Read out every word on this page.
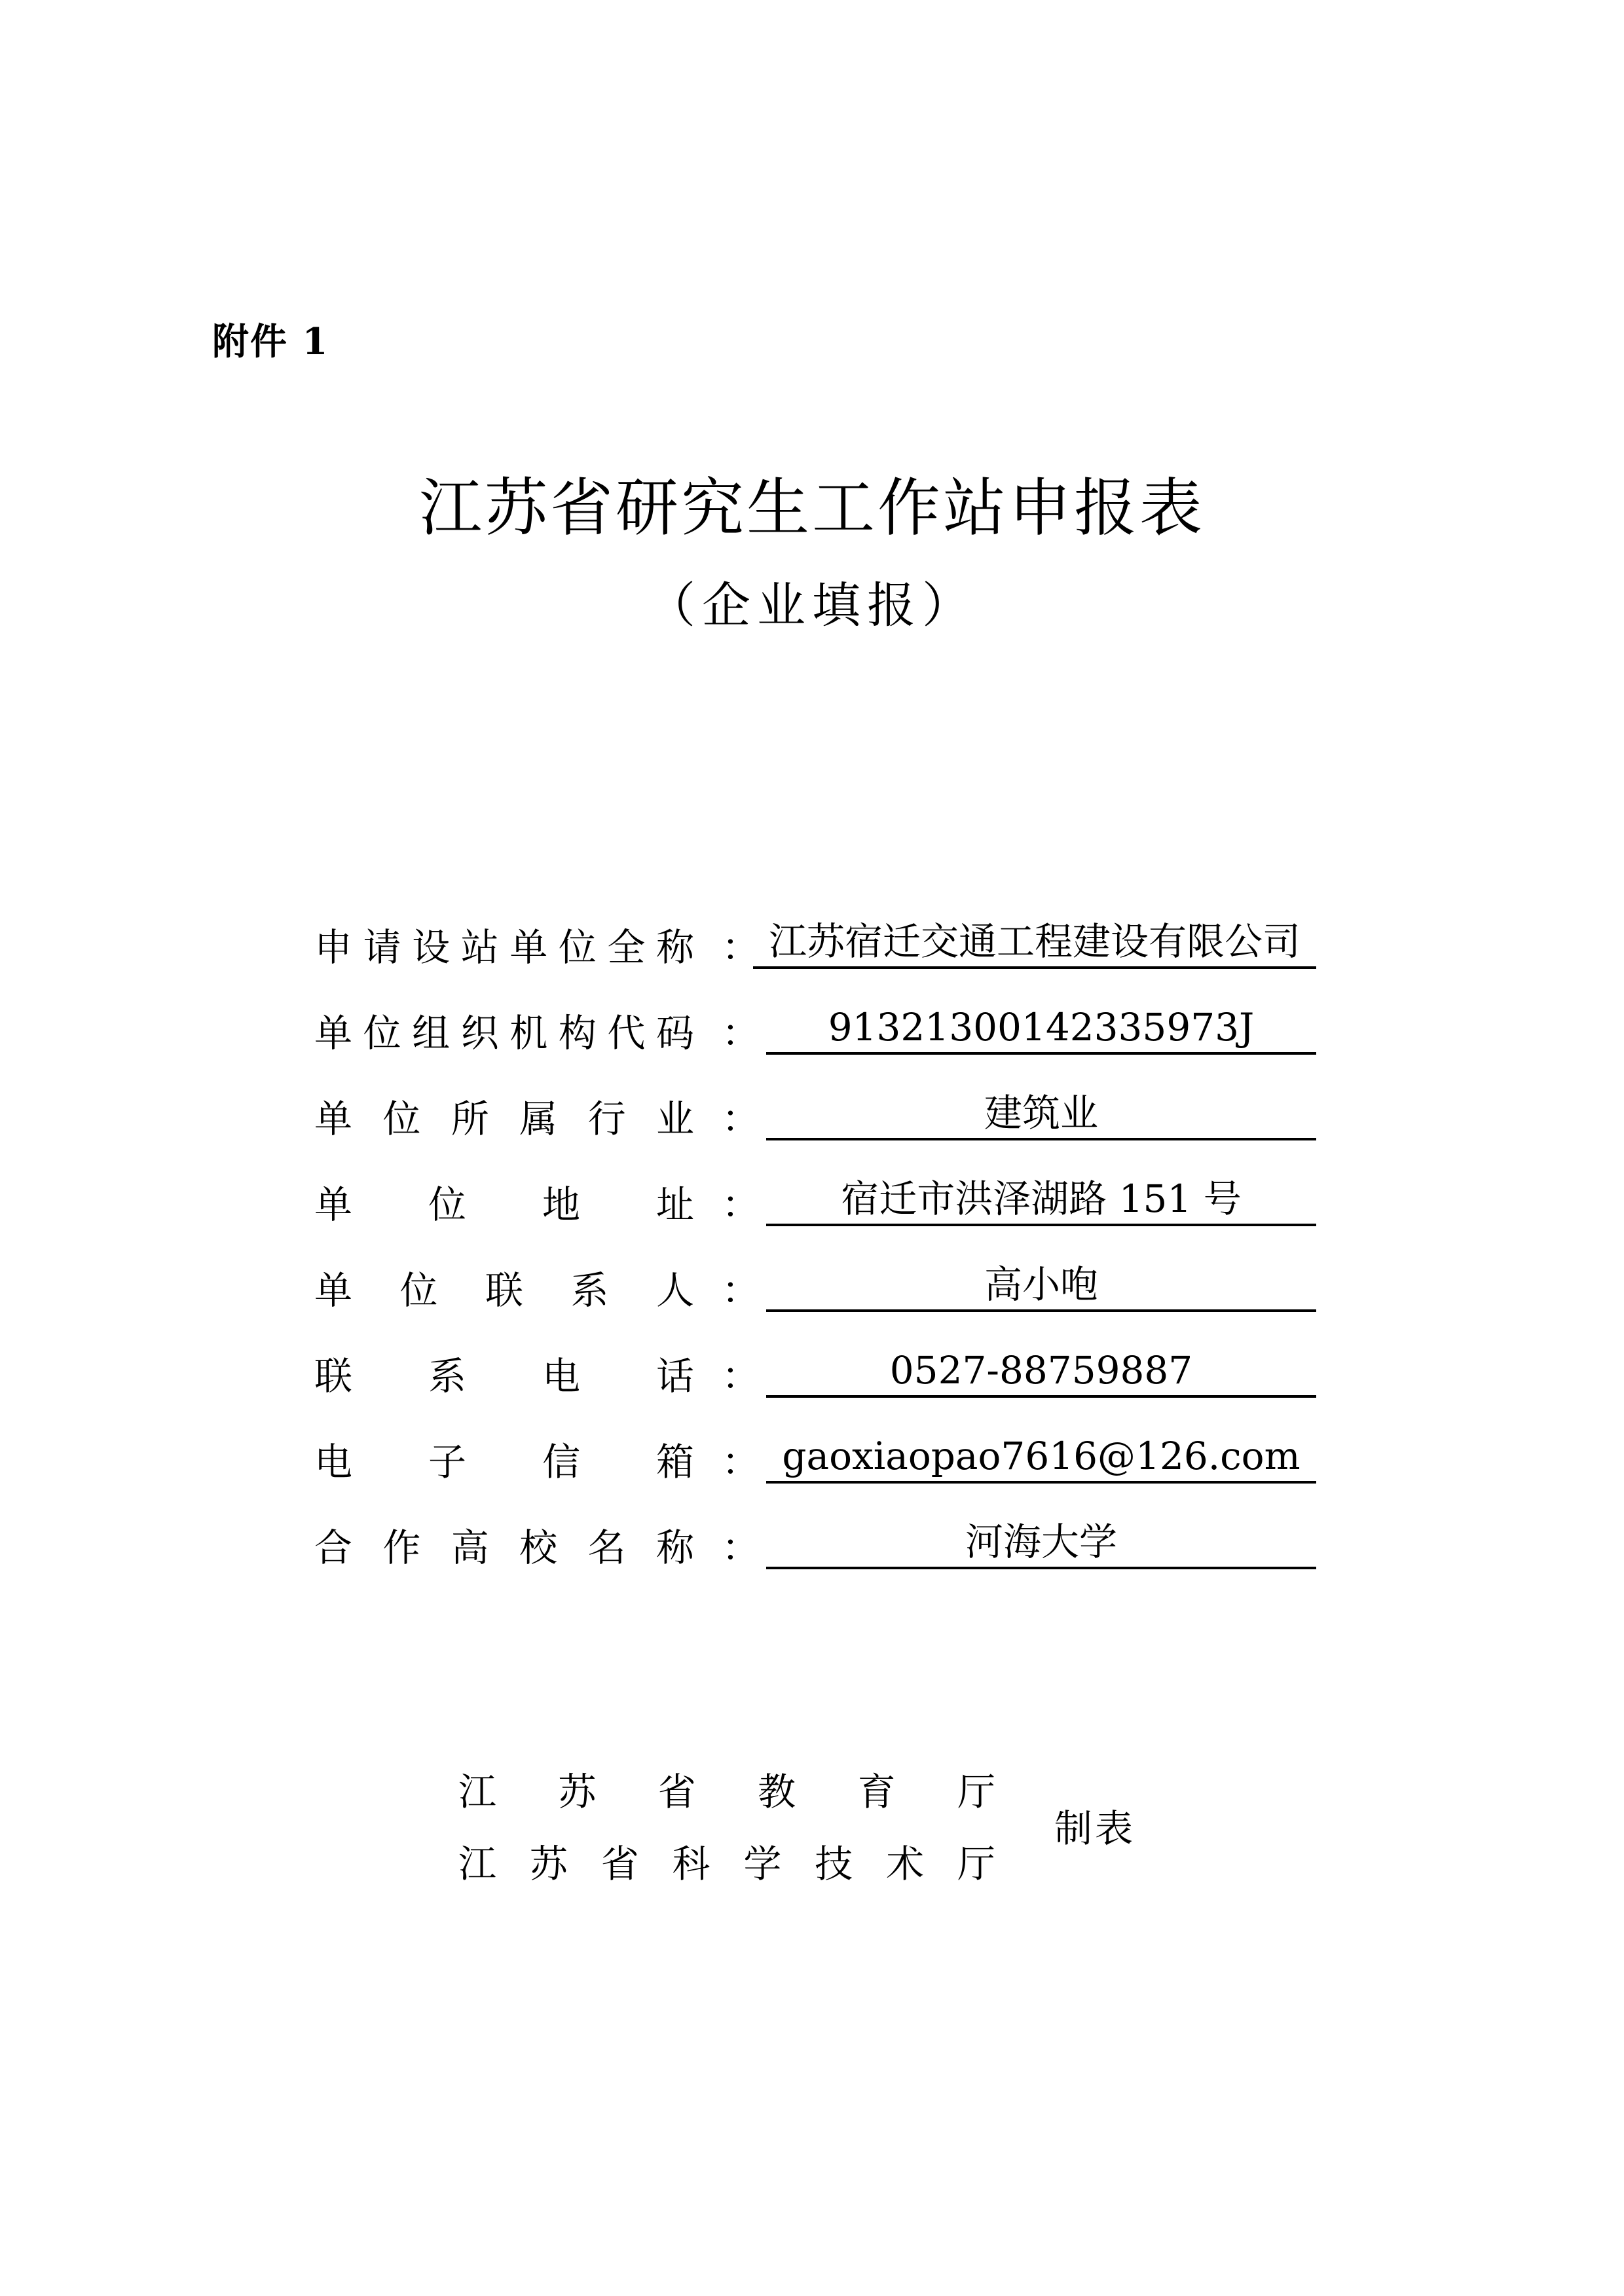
附件 1
江苏省研究生工作站申报表
（企业填报）
申 请 设 站 单 位 全 称 ： 江苏宿迁交通工程建设有限公司
单 位 组 织 机 构 代 码 ：	91321300142335973J
单 位 所 属 行 业 ：	建筑业
单 位 地 址 ：	宿迁市洪泽湖路 151 号
单 位 联 系 人 ：	高小咆
联 系 电 话 ：	0527-88759887
电 子 信 箱 ： gaoxiaopao7616@126.com
合 作 高 校 名 称 ：	河海大学
江 苏 省 教 育 厅
江 苏 省 科 学 技 术 厅
制表
